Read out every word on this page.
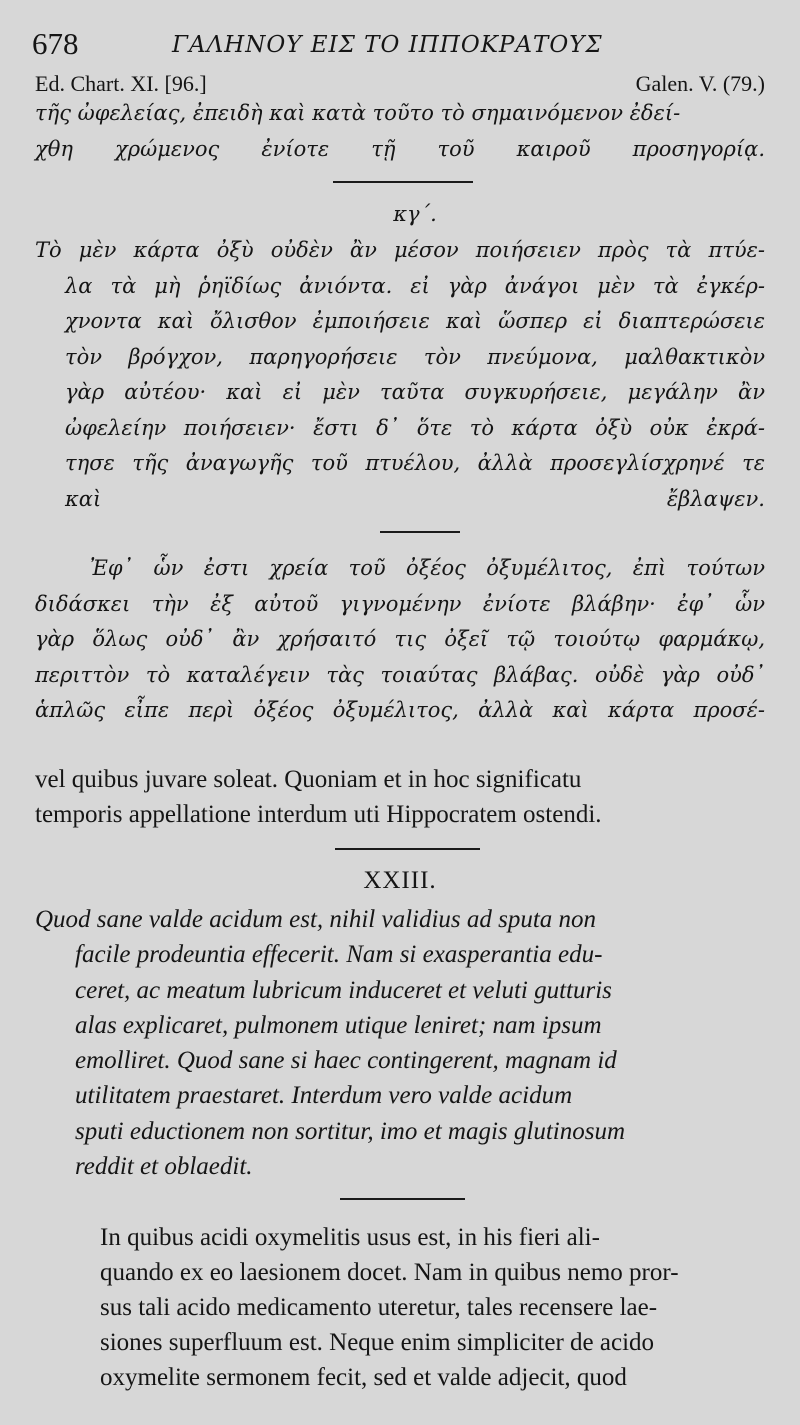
678	ΓΑΛΗΝΟΥ ΕΙΣ ΤΟ ΙΠΠΟΚΡΑΤΟΥΣ
Ed. Chart. XI. [96.]	Galen. V. (79.)
τῆς ὠφελείας, ἐπειδὴ καὶ κατὰ τοῦτο τὸ σημαινόμενον ἐδεί-
χθη χρώμενος ἐνίοτε τῇ τοῦ καιροῦ προσηγορίᾳ.
κγ΄.
Τὸ μὲν κάρτα ὀξὺ οὐδὲν ἂν μέσον ποιήσειεν πρὸς τὰ πτύε-
λα τὰ μὴ ῥηϊδίως ἀνιόντα. εἰ γὰρ ἀνάγοι μὲν τὰ ἐγκέρ-
χνοντα καὶ ὄλισθον ἐμποιήσειε καὶ ὥσπερ εἰ διαπτερώσειε
τὸν βρόγχον, παρηγορήσειε τὸν πνεύμονα, μαλθακτικὸν
γὰρ αὐτέου· καὶ εἰ μὲν ταῦτα συγκυρήσειε, μεγάλην ἂν
ὠφελείην ποιήσειεν· ἔστι δ᾽ ὅτε τὸ κάρτα ὀξὺ οὐκ ἐκρά-
τησε τῆς ἀναγωγῆς τοῦ πτυέλου, ἀλλὰ προσεγλίσχρηνέ τε
καὶ ἔβλαψεν.
Ἐφ᾽ ὧν ἐστι χρεία τοῦ ὀξέος ὀξυμέλιτος, ἐπὶ τούτων
διδάσκει τὴν ἐξ αὐτοῦ γιγνομένην ἐνίοτε βλάβην· ἐφ᾽ ὧν
γὰρ ὅλως οὐδ᾽ ἂν χρήσαιτό τις ὀξεῖ τῷ τοιούτῳ φαρμάκῳ,
περιττὸν τὸ καταλέγειν τὰς τοιαύτας βλάβας. οὐδὲ γὰρ οὐδ᾽
ἁπλῶς εἶπε περὶ ὀξέος ὀξυμέλιτος, ἀλλὰ καὶ κάρτα προσέ-
vel quibus juvare soleat. Quoniam et in hoc significatu
temporis appellatione interdum uti Hippocratem ostendi.
XXIII.
Quod sane valde acidum est, nihil validius ad sputa non
facile prodeuntia effecerit. Nam si exasperantia edu-
ceret, ac meatum lubricum induceret et veluti gutturis
alas explicaret, pulmonem utique leniret; nam ipsum
emolliret. Quod sane si haec contingerent, magnam id
utilitatem praestaret. Interdum vero valde acidum
sputi eductionem non sortitur, imo et magis glutinosum
reddit et oblaedit.
In quibus acidi oxymelitis usus est, in his fieri ali-
quando ex eo laesionem docet. Nam in quibus nemo pror-
sus tali acido medicamento uteretur, tales recensere lae-
siones superfluum est. Neque enim simpliciter de acido
oxymelite sermonem fecit, sed et valde adjecit, quod
